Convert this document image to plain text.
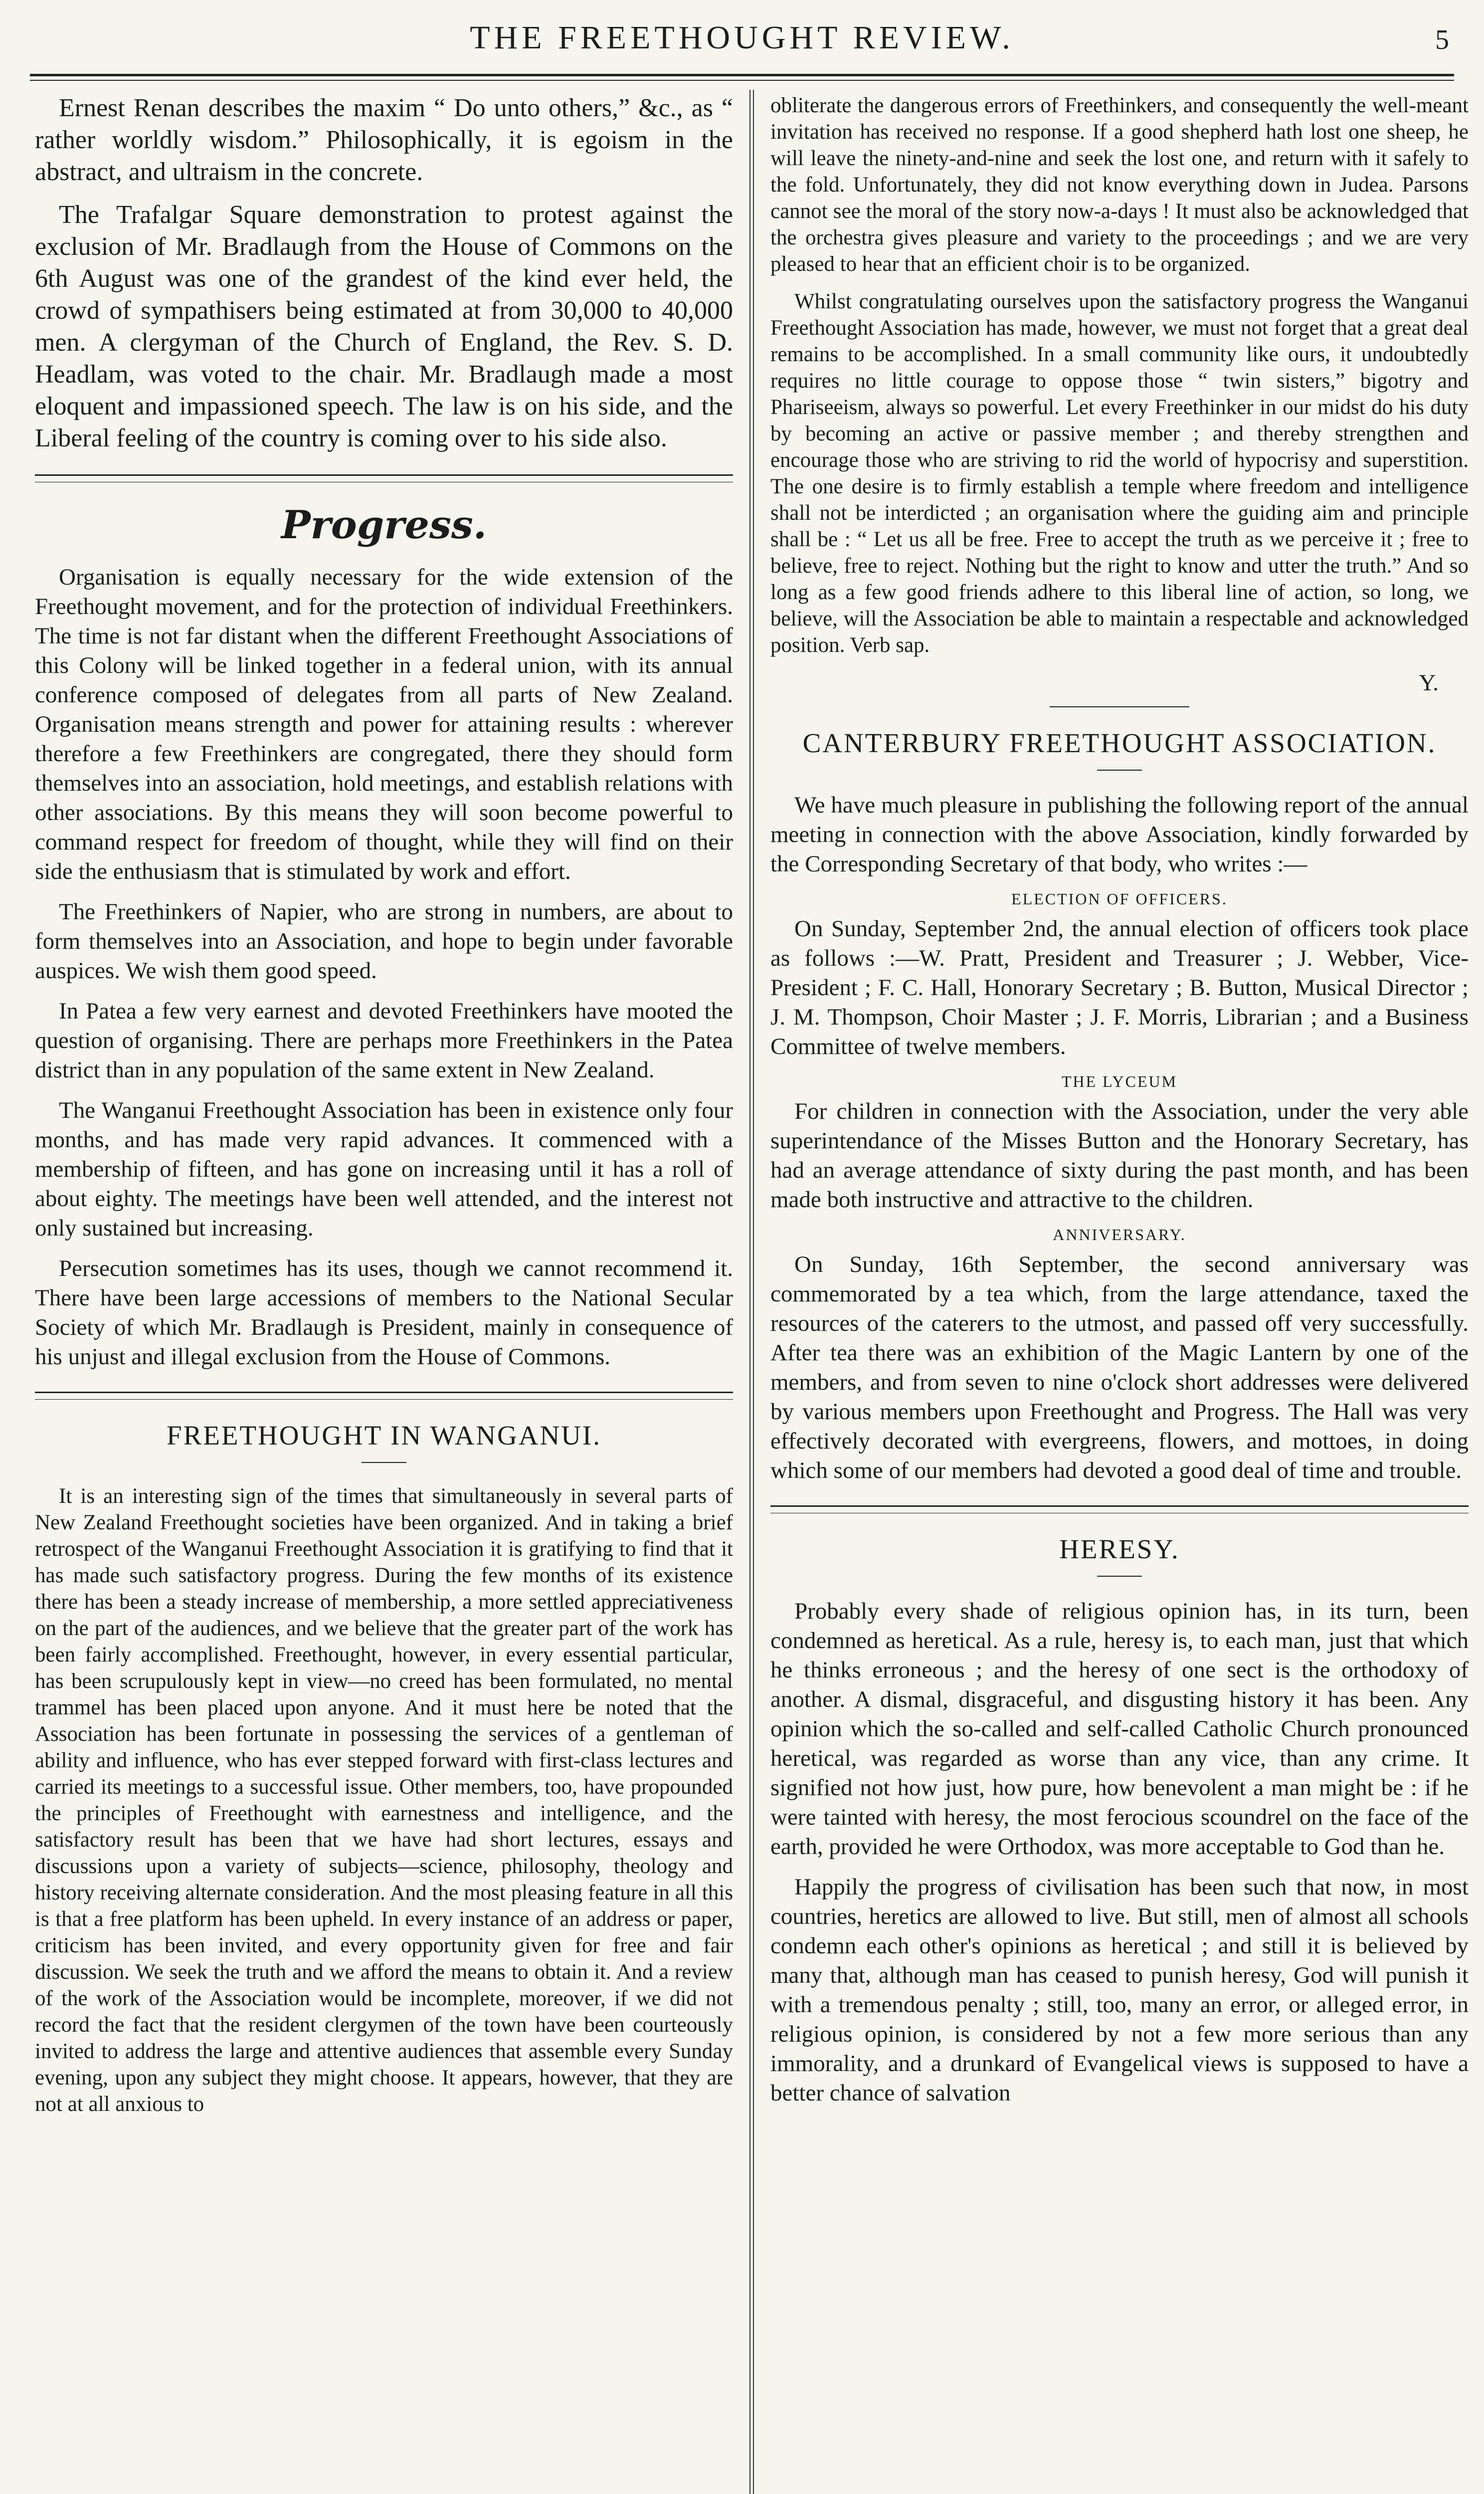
THE FREETHOUGHT REVIEW.	5

Ernest Renan describes the maxim “ Do unto others,” &c., as “ rather worldly wisdom.” Philosophically, it is egoism in the abstract, and ultraism in the concrete.

The Trafalgar Square demonstration to protest against the exclusion of Mr. Bradlaugh from the House of Commons on the 6th August was one of the grandest of the kind ever held, the crowd of sympathisers being estimated at from 30,000 to 40,000 men. A clergyman of the Church of England, the Rev. S. D. Headlam, was voted to the chair. Mr. Bradlaugh made a most eloquent and impassioned speech. The law is on his side, and the Liberal feeling of the country is coming over to his side also.

Progress.

Organisation is equally necessary for the wide extension of the Freethought movement, and for the protection of individual Freethinkers. The time is not far distant when the different Freethought Associations of this Colony will be linked together in a federal union, with its annual conference composed of delegates from all parts of New Zealand. Organisation means strength and power for attaining results : wherever therefore a few Freethinkers are congregated, there they should form themselves into an association, hold meetings, and establish relations with other associations. By this means they will soon become powerful to command respect for freedom of thought, while they will find on their side the enthusiasm that is stimulated by work and effort.

The Freethinkers of Napier, who are strong in numbers, are about to form themselves into an Association, and hope to begin under favorable auspices. We wish them good speed.

In Patea a few very earnest and devoted Freethinkers have mooted the question of organising. There are perhaps more Freethinkers in the Patea district than in any population of the same extent in New Zealand.

The Wanganui Freethought Association has been in existence only four months, and has made very rapid advances. It commenced with a membership of fifteen, and has gone on increasing until it has a roll of about eighty. The meetings have been well attended, and the interest not only sustained but increasing.

Persecution sometimes has its uses, though we cannot recommend it. There have been large accessions of members to the National Secular Society of which Mr. Bradlaugh is President, mainly in consequence of his unjust and illegal exclusion from the House of Commons.

FREETHOUGHT IN WANGANUI.

It is an interesting sign of the times that simultaneously in several parts of New Zealand Freethought societies have been organized. And in taking a brief retrospect of the Wanganui Freethought Association it is gratifying to find that it has made such satisfactory progress. During the few months of its existence there has been a steady increase of membership, a more settled appreciativeness on the part of the audiences, and we believe that the greater part of the work has been fairly accomplished. Freethought, however, in every essential particular, has been scrupulously kept in view—no creed has been formulated, no mental trammel has been placed upon anyone. And it must here be noted that the Association has been fortunate in possessing the services of a gentleman of ability and influence, who has ever stepped forward with first-class lectures and carried its meetings to a successful issue. Other members, too, have propounded the principles of Freethought with earnestness and intelligence, and the satisfactory result has been that we have had short lectures, essays and discussions upon a variety of subjects—science, philosophy, theology and history receiving alternate consideration. And the most pleasing feature in all this is that a free platform has been upheld. In every instance of an address or paper, criticism has been invited, and every opportunity given for free and fair discussion. We seek the truth and we afford the means to obtain it. And a review of the work of the Association would be incomplete, moreover, if we did not record the fact that the resident clergymen of the town have been courteously invited to address the large and attentive audiences that assemble every Sunday evening, upon any subject they might choose. It appears, however, that they are not at all anxious to

obliterate the dangerous errors of Freethinkers, and consequently the well-meant invitation has received no response. If a good shepherd hath lost one sheep, he will leave the ninety-and-nine and seek the lost one, and return with it safely to the fold. Unfortunately, they did not know everything down in Judea. Parsons cannot see the moral of the story now-a-days ! It must also be acknowledged that the orchestra gives pleasure and variety to the proceedings ; and we are very pleased to hear that an efficient choir is to be organized.

Whilst congratulating ourselves upon the satisfactory progress the Wanganui Freethought Association has made, however, we must not forget that a great deal remains to be accomplished. In a small community like ours, it undoubtedly requires no little courage to oppose those “ twin sisters,” bigotry and Phariseeism, always so powerful. Let every Freethinker in our midst do his duty by becoming an active or passive member ; and thereby strengthen and encourage those who are striving to rid the world of hypocrisy and superstition. The one desire is to firmly establish a temple where freedom and intelligence shall not be interdicted ; an organisation where the guiding aim and principle shall be : “ Let us all be free. Free to accept the truth as we perceive it ; free to believe, free to reject. Nothing but the right to know and utter the truth.” And so long as a few good friends adhere to this liberal line of action, so long, we believe, will the Association be able to maintain a respectable and acknowledged position. Verb sap.

Y.
CANTERBURY FREETHOUGHT ASSOCIATION.

We have much pleasure in publishing the following report of the annual meeting in connection with the above Association, kindly forwarded by the Corresponding Secretary of that body, who writes :—

ELECTION OF OFFICERS.

On Sunday, September 2nd, the annual election of officers took place as follows :—W. Pratt, President and Treasurer ; J. Webber, Vice-President ; F. C. Hall, Honorary Secretary ; B. Button, Musical Director ; J. M. Thompson, Choir Master ; J. F. Morris, Librarian ; and a Business Committee of twelve members.

THE LYCEUM

For children in connection with the Association, under the very able superintendance of the Misses Button and the Honorary Secretary, has had an average attendance of sixty during the past month, and has been made both instructive and attractive to the children.

ANNIVERSARY.

On Sunday, 16th September, the second anniversary was commemorated by a tea which, from the large attendance, taxed the resources of the caterers to the utmost, and passed off very successfully. After tea there was an exhibition of the Magic Lantern by one of the members, and from seven to nine o'clock short addresses were delivered by various members upon Freethought and Progress. The Hall was very effectively decorated with evergreens, flowers, and mottoes, in doing which some of our members had devoted a good deal of time and trouble.

HERESY.

Probably every shade of religious opinion has, in its turn, been condemned as heretical. As a rule, heresy is, to each man, just that which he thinks erroneous ; and the heresy of one sect is the orthodoxy of another. A dismal, disgraceful, and disgusting history it has been. Any opinion which the so-called and self-called Catholic Church pronounced heretical, was regarded as worse than any vice, than any crime. It signified not how just, how pure, how benevolent a man might be : if he were tainted with heresy, the most ferocious scoundrel on the face of the earth, provided he were Orthodox, was more acceptable to God than he.

Happily the progress of civilisation has been such that now, in most countries, heretics are allowed to live. But still, men of almost all schools condemn each other's opinions as heretical ; and still it is believed by many that, although man has ceased to punish heresy, God will punish it with a tremendous penalty ; still, too, many an error, or alleged error, in religious opinion, is considered by not a few more serious than any immorality, and a drunkard of Evangelical views is supposed to have a better chance of salvation
